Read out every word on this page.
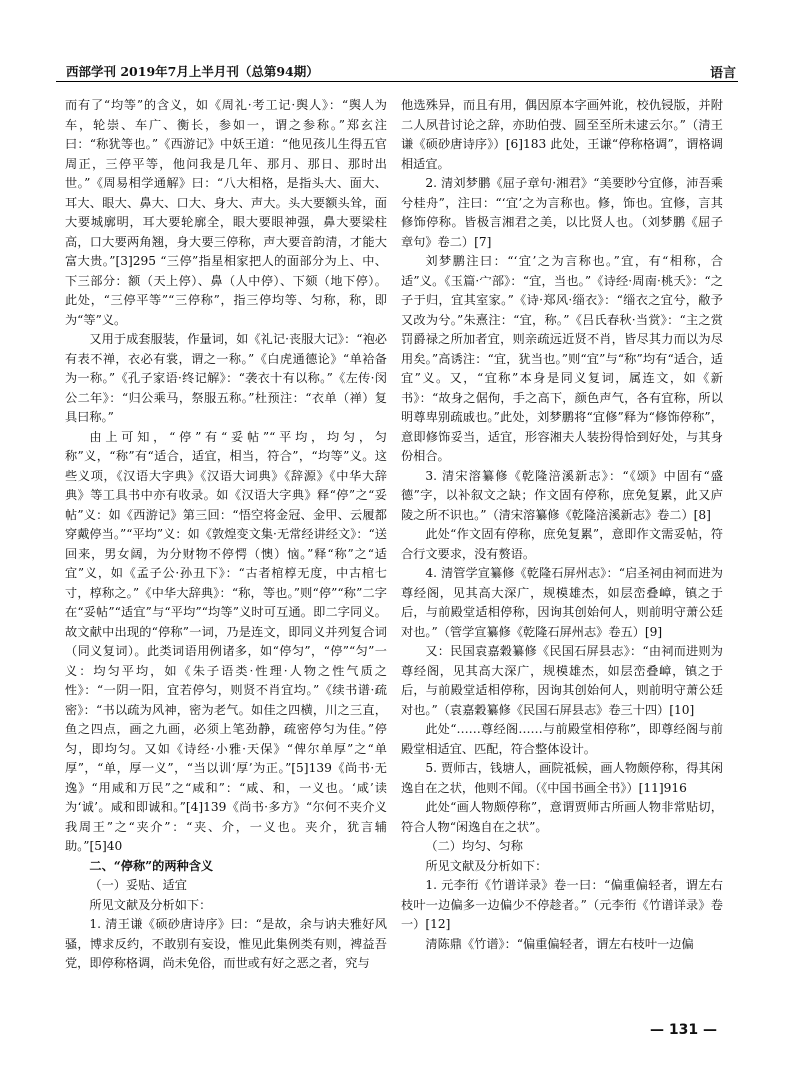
西部学刊 2019年7月上半月刊（总第94期）	语言

而有了“均等”的含义，如《周礼·考工记·舆人》：“舆人为车，轮崇、车广、衡长，参如一，谓之参称。”郑玄注曰：“称犹等也。”《西游记》中妖王道：“他见孩儿生得五官周正，三停平等，他问我是几年、那月、那日、那时出世。”《周易相学通解》曰：“八大相格，是指头大、面大、耳大、眼大、鼻大、口大、身大、声大。头大要额头耸，面大要城廓明，耳大要轮廓全，眼大要眼神强，鼻大要梁柱高，口大要两角翘，身大要三停称，声大要音韵清，才能大富大贵。”[3]295 “三停”指星相家把人的面部分为上、中、下三部分：额（天上停）、鼻（人中停）、下颏（地下停）。此处，“三停平等”“三停称”，指三停均等、匀称，称，即为“等”义。

又用于成套服装，作量词，如《礼记·丧服大记》：“袍必有表不禅，衣必有裳，谓之一称。”《白虎通德论》“单袷备为一称。”《孔子家语·终记解》：“袭衣十有以称。”《左传·闵公二年》：“归公乘马，祭服五称。”杜预注：“衣单（禅）复具曰称。”

由上可知，“停”有“妥帖”“平均，均匀，匀称”义，“称”有“适合，适宜，相当，符合”，“均等”义。这些义项，《汉语大字典》《汉语大词典》《辞源》《中华大辞典》等工具书中亦有收录。如《汉语大字典》释“停”之“妥帖”义：如《西游记》第三回：“悟空将金冠、金甲、云履都穿戴停当。”“平均”义：如《敦煌变文集·无常经讲经文》：“送回来，男女阔，为分财物不停愕（懊）恼。”释“称”之“适宜”义，如《孟子公·孙丑下》：“古者棺椁无度，中古棺七寸，椁称之。”《中华大辞典》：“称，等也。”则“停”“称”二字在“妥帖”“适宜”与“平均”“均等”义时可互通。即二字同义。故文献中出现的“停称”一词，乃是连文，即同义并列复合词（同义复词）。此类词语用例诸多，如“停匀”，“停”“匀”一义：均匀平均，如《朱子语类·性理·人物之性气质之性》：“一阴一阳，宜若停匀，则贤不肖宜均。”《续书谱·疏密》：“书以疏为风神，密为老气。如佳之四横，川之三直，鱼之四点，画之九画，必须上笔劲静，疏密停匀为佳。”停匀，即均匀。又如《诗经·小雅·天保》“俾尔单厚”之“单厚”，“单，厚一义”，“当以训‘厚’为正。”[5]139《尚书·无逸》“用咸和万民”之“咸和”：“咸、和，一义也。‘咸’读为‘诚’。咸和即诚和。”[4]139《尚书·多方》“尔何不夹介义我周王”之“夹介”：“夹、介，一义也。夹介，犹言辅助。”[5]40

二、“停称”的两种含义
（一）妥贴、适宜

所见文献及分析如下：

1. 清王谦《硕砂唐诗序》曰：“是故，余与讷夫雅好风骚，博求反约，不敢别有妄设，惟见此集例类有则，裨益吾党，即停称格调，尚未免俗，而世或有好之恶之者，究与

他选殊异，而且有用，偶因原本字画舛讹，校仇锓版，并附二人夙昔讨论之辞，亦助伯弢、圆至至所未逮云尔。”（清王谦《硕砂唐诗序》）[6]183 此处，王谦“停称格调”，谓格调相适宜。

2. 清刘梦鹏《屈子章句·湘君》“美要眇兮宜修，沛吾乘兮桂舟”，注曰：“‘宜’之为言称也。修，饰也。宜修，言其修饰停称。皆极言湘君之美，以比贤人也。（刘梦鹏《屈子章句》卷二）[7]

刘梦鹏注曰：“‘宜’之为言称也。”宜，有“相称，合适”义。《玉篇·宀部》：“宜，当也。”《诗经·周南·桃夭》：“之子于归，宜其室家。”《诗·郑风·缁衣》：“缁衣之宜兮，敝予又改为兮。”朱熹注：“宜，称。”《吕氏春秋·当赏》：“主之赏罚爵禄之所加者宜，则亲疏远近贤不肖，皆尽其力而以为尽用矣。”高诱注：“宜，犹当也。”则“宜”与“称”均有“适合，适宜”义。又，“宜称”本身是同义复词，属连文，如《新书》：“故身之倨佝，手之高下，颜色声气，各有宜称，所以明尊卑别疏戚也。”此处，刘梦鹏将“宜修”释为“修饰停称”，意即修饰妥当，适宜，形容湘夫人装扮得恰到好处，与其身份相合。

3. 清宋溶纂修《乾隆涪溪新志》：“《颂》中固有“盛德”字，以补叙文之缺；作文固有停称，庶免复累，此又庐陵之所不识也。”（清宋溶纂修《乾隆涪溪新志》卷二）[8]

此处“作文固有停称，庶免复累”，意即作文需妥帖，符合行文要求，没有赘语。

4. 清管学宣纂修《乾隆石屏州志》：“启圣祠由祠而进为尊经阁，见其高大深广，规模雄杰，如层峦叠嶂，镇之于后，与前殿堂适相停称，因询其创始何人，则前明守萧公廷对也。”（管学宣纂修《乾隆石屏州志》卷五）[9]

又：民国袁嘉穀纂修《民国石屏县志》：“由祠而进则为尊经阁，见其高大深广，规模雄杰，如层峦叠嶂，镇之于后，与前殿堂适相停称，因询其创始何人，则前明守萧公廷对也。”（袁嘉穀纂修《民国石屏县志》卷三十四）[10]

此处“……尊经阁……与前殿堂相停称”，即尊经阁与前殿堂相适宜、匹配，符合整体设计。

5. 贾师古，钱塘人，画院祗候，画人物颇停称，得其闲逸自在之状，他则不闻。（《中国书画全书》）[11]916

此处“画人物颇停称”，意谓贾师古所画人物非常贴切，符合人物“闲逸自在之状”。

（二）均匀、匀称

所见文献及分析如下：

1. 元李衎《竹谱详录》卷一曰：“偏重偏轻者，谓左右枝叶一边偏多一边偏少不停趁者。”（元李衎《竹谱详录》卷一）[12]

清陈鼎《竹谱》：“偏重偏轻者，谓左右枝叶一边偏

— 131 —
